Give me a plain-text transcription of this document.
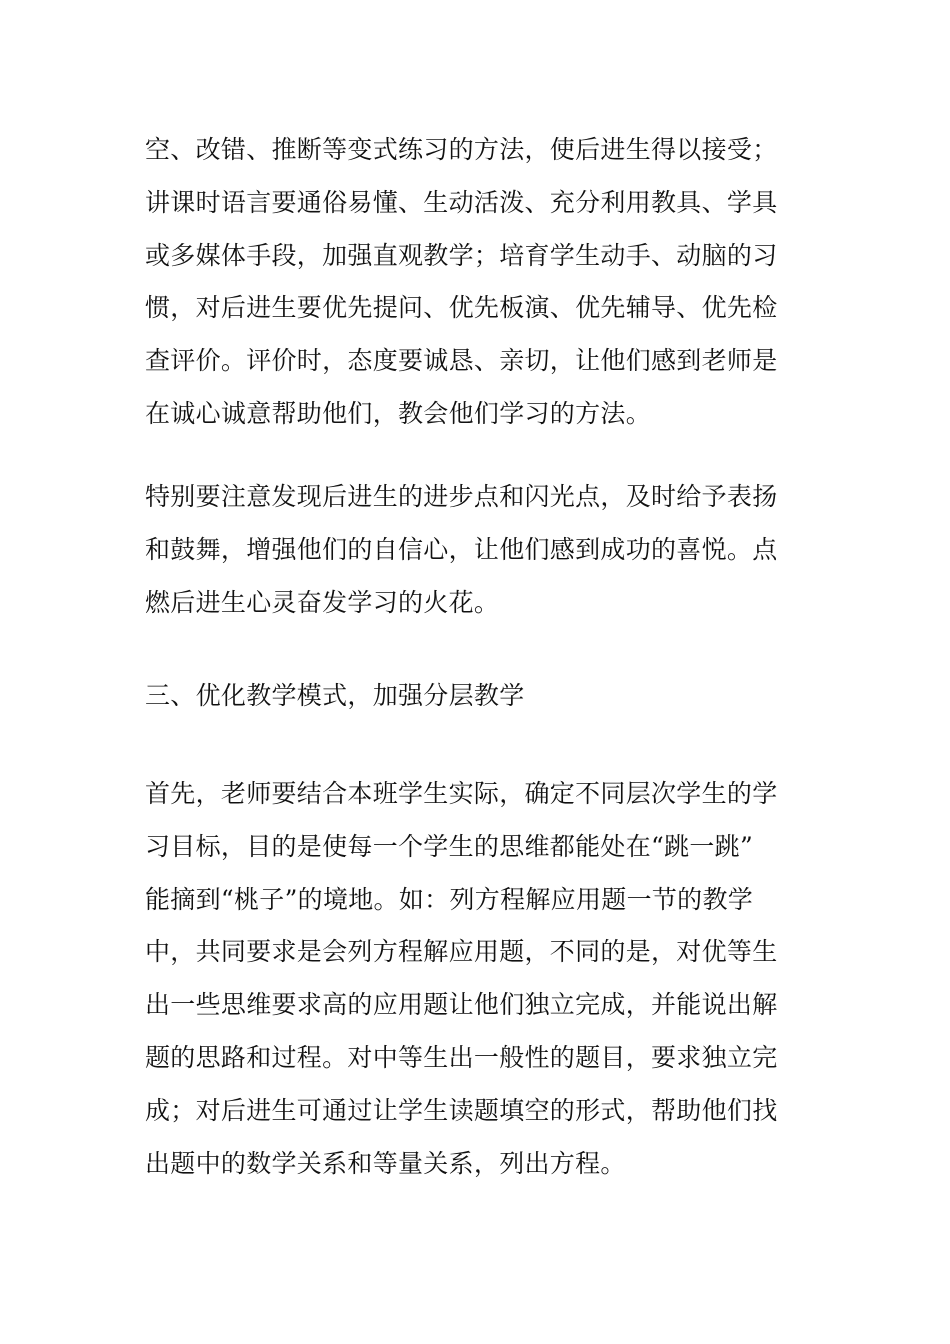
空、改错、推断等变式练习的方法，使后进生得以接受；
讲课时语言要通俗易懂、生动活泼、充分利用教具、学具
或多媒体手段，加强直观教学；培育学生动手、动脑的习
惯，对后进生要优先提问、优先板演、优先辅导、优先检
查评价。评价时，态度要诚恳、亲切，让他们感到老师是
在诚心诚意帮助他们，教会他们学习的方法。
特别要注意发现后进生的进步点和闪光点，及时给予表扬
和鼓舞，增强他们的自信心，让他们感到成功的喜悦。点
燃后进生心灵奋发学习的火花。
三、优化教学模式，加强分层教学
首先，老师要结合本班学生实际，确定不同层次学生的学
习目标，目的是使每一个学生的思维都能处在“跳一跳”
能摘到“桃子”的境地。如：列方程解应用题一节的教学
中，共同要求是会列方程解应用题，不同的是，对优等生
出一些思维要求高的应用题让他们独立完成，并能说出解
题的思路和过程。对中等生出一般性的题目，要求独立完
成；对后进生可通过让学生读题填空的形式，帮助他们找
出题中的数学关系和等量关系，列出方程。
